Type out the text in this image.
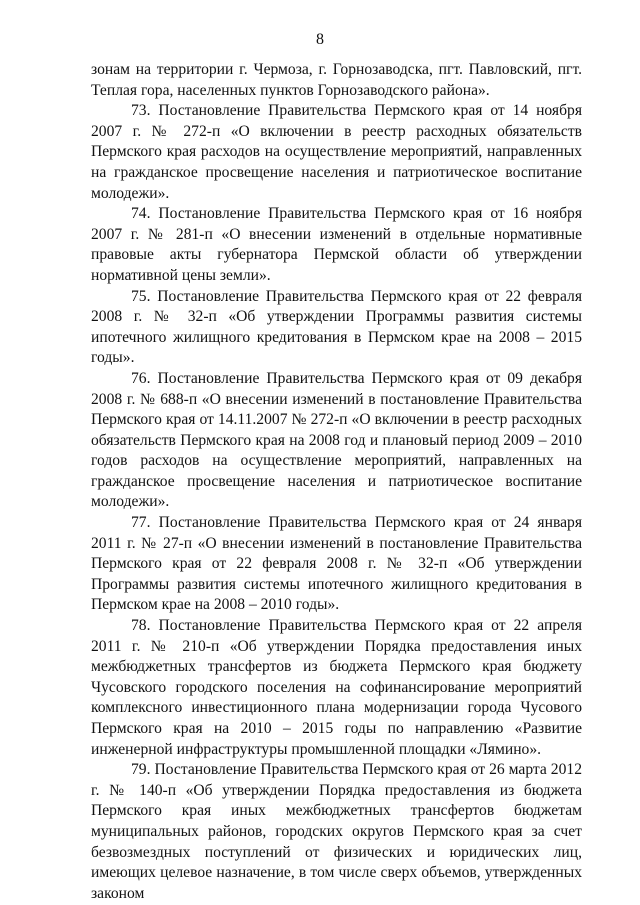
8

зонам на территории г. Чермоза, г. Горнозаводска, пгт. Павловский, пгт. Теплая гора, населенных пунктов Горнозаводского района».

73. Постановление Правительства Пермского края от 14 ноября 2007 г. № 272-п «О включении в реестр расходных обязательств Пермского края расходов на осуществление мероприятий, направленных на гражданское просвещение населения и патриотическое воспитание молодежи».

74. Постановление Правительства Пермского края от 16 ноября 2007 г. № 281-п «О внесении изменений в отдельные нормативные правовые акты губернатора Пермской области об утверждении нормативной цены земли».

75. Постановление Правительства Пермского края от 22 февраля 2008 г. № 32-п «Об утверждении Программы развития системы ипотечного жилищного кредитования в Пермском крае на 2008 – 2015 годы».

76. Постановление Правительства Пермского края от 09 декабря 2008 г. № 688-п «О внесении изменений в постановление Правительства Пермского края от 14.11.2007 № 272-п «О включении в реестр расходных обязательств Пермского края на 2008 год и плановый период 2009 – 2010 годов расходов на осуществление мероприятий, направленных на гражданское просвещение населения и патриотическое воспитание молодежи».

77. Постановление Правительства Пермского края от 24 января 2011 г. № 27-п «О внесении изменений в постановление Правительства Пермского края от 22 февраля 2008 г. № 32-п «Об утверждении Программы развития системы ипотечного жилищного кредитования в Пермском крае на 2008 – 2010 годы».

78. Постановление Правительства Пермского края от 22 апреля 2011 г. № 210-п «Об утверждении Порядка предоставления иных межбюджетных трансфертов из бюджета Пермского края бюджету Чусовского городского поселения на софинансирование мероприятий комплексного инвестиционного плана модернизации города Чусового Пермского края на 2010 – 2015 годы по направлению «Развитие инженерной инфраструктуры промышленной площадки «Лямино».

79. Постановление Правительства Пермского края от 26 марта 2012 г. № 140-п «Об утверждении Порядка предоставления из бюджета Пермского края иных межбюджетных трансфертов бюджетам муниципальных районов, городских округов Пермского края за счет безвозмездных поступлений от физических и юридических лиц, имеющих целевое назначение, в том числе сверх объемов, утвержденных законом
